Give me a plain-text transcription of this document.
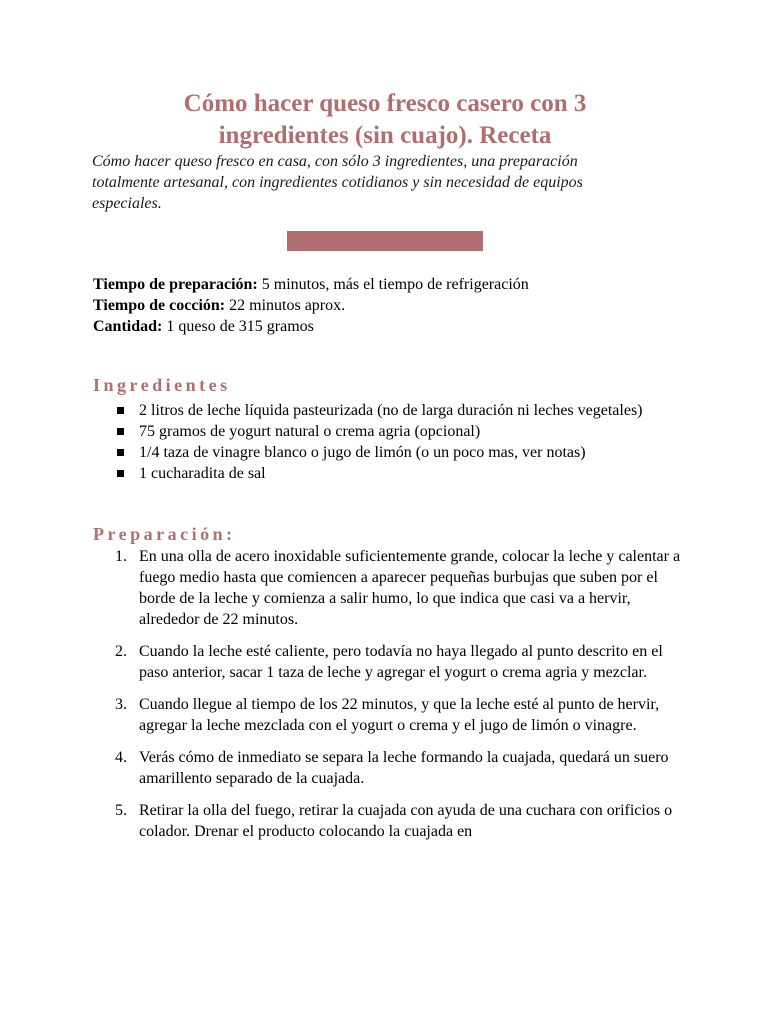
Cómo hacer queso fresco casero con 3 ingredientes (sin cuajo). Receta
Cómo hacer queso fresco en casa, con sólo 3 ingredientes, una preparación totalmente artesanal, con ingredientes cotidianos y sin necesidad de equipos especiales.
Tiempo de preparación: 5 minutos, más el tiempo de refrigeración
Tiempo de cocción: 22 minutos aprox.
Cantidad: 1 queso de 315 gramos
Ingredientes
2 litros de leche líquida pasteurizada (no de larga duración ni leches vegetales)
75 gramos de yogurt natural o crema agria (opcional)
1/4 taza de vinagre blanco o jugo de limón (o un poco mas, ver notas)
1 cucharadita de sal
Preparación:
1. En una olla de acero inoxidable suficientemente grande, colocar la leche y calentar a fuego medio hasta que comiencen a aparecer pequeñas burbujas que suben por el borde de la leche y comienza a salir humo, lo que indica que casi va a hervir, alrededor de 22 minutos.
2. Cuando la leche esté caliente, pero todavía no haya llegado al punto descrito en el paso anterior, sacar 1 taza de leche y agregar el yogurt o crema agria y mezclar.
3. Cuando llegue al tiempo de los 22 minutos, y que la leche esté al punto de hervir, agregar la leche mezclada con el yogurt o crema y el jugo de limón o vinagre.
4. Verás cómo de inmediato se separa la leche formando la cuajada, quedará un suero amarillento separado de la cuajada.
5. Retirar la olla del fuego, retirar la cuajada con ayuda de una cuchara con orificios o colador. Drenar el producto colocando la cuajada en
